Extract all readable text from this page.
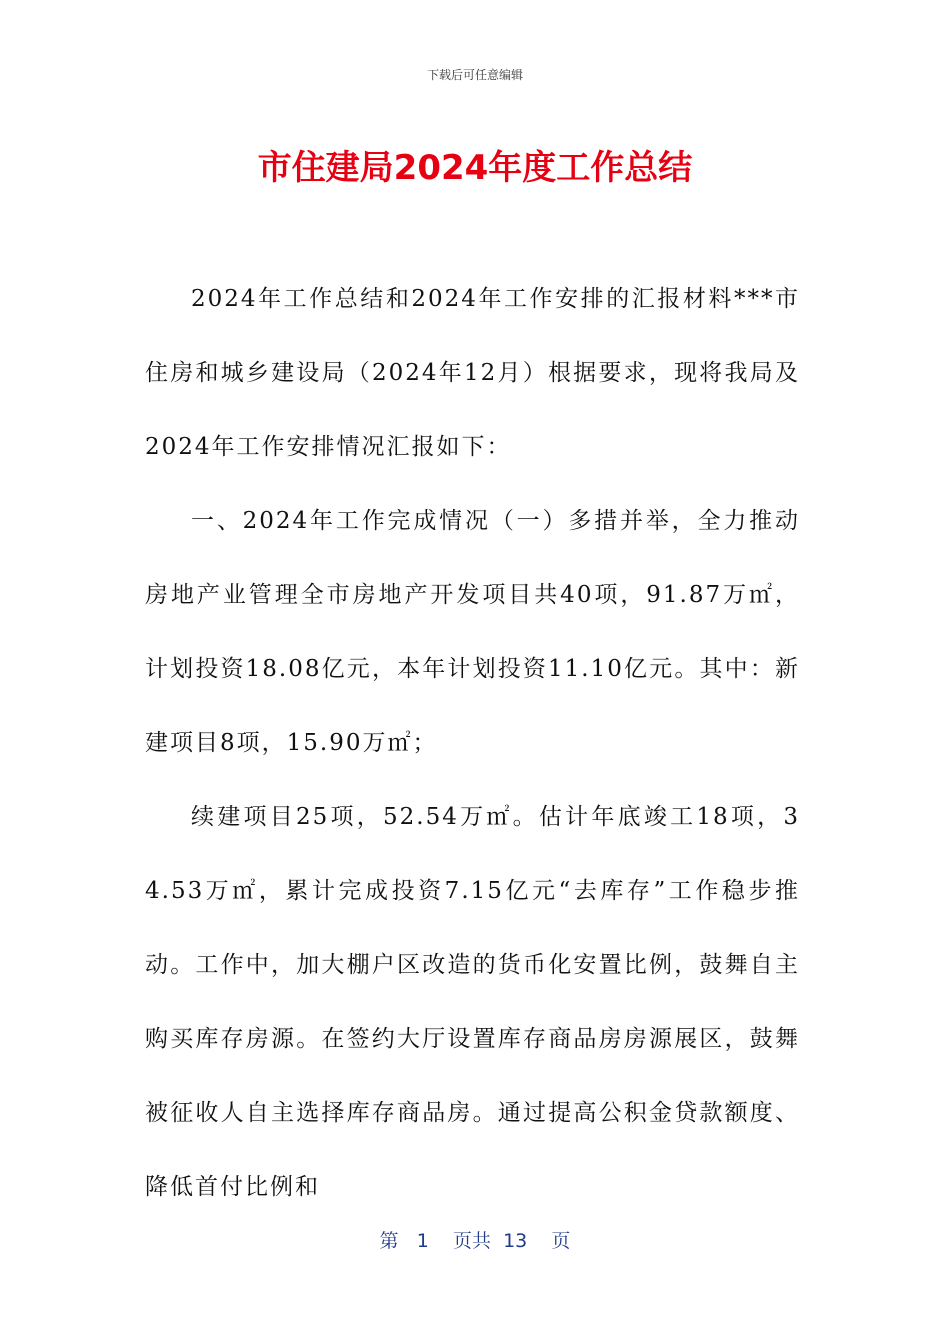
下载后可任意编辑
市住建局2024年度工作总结

2024年工作总结和2024年工作安排的汇报材料***市住房和城乡建设局（2024年12月）根据要求，现将我局及2024年工作安排情况汇报如下：

一、2024年工作完成情况（一）多措并举，全力推动房地产业管理全市房地产开发项目共40项，91.87万㎡，计划投资18.08亿元，本年计划投资11.10亿元。其中：新建项目8项，15.90万㎡；

续建项目25项，52.54万㎡。估计年底竣工18项，34.53万㎡，累计完成投资7.15亿元“去库存”工作稳步推动。工作中，加大棚户区改造的货币化安置比例，鼓舞自主购买库存房源。在签约大厅设置库存商品房房源展区，鼓舞被征收人自主选择库存商品房。通过提高公积金贷款额度、降低首付比例和

第 1 页共 13 页
